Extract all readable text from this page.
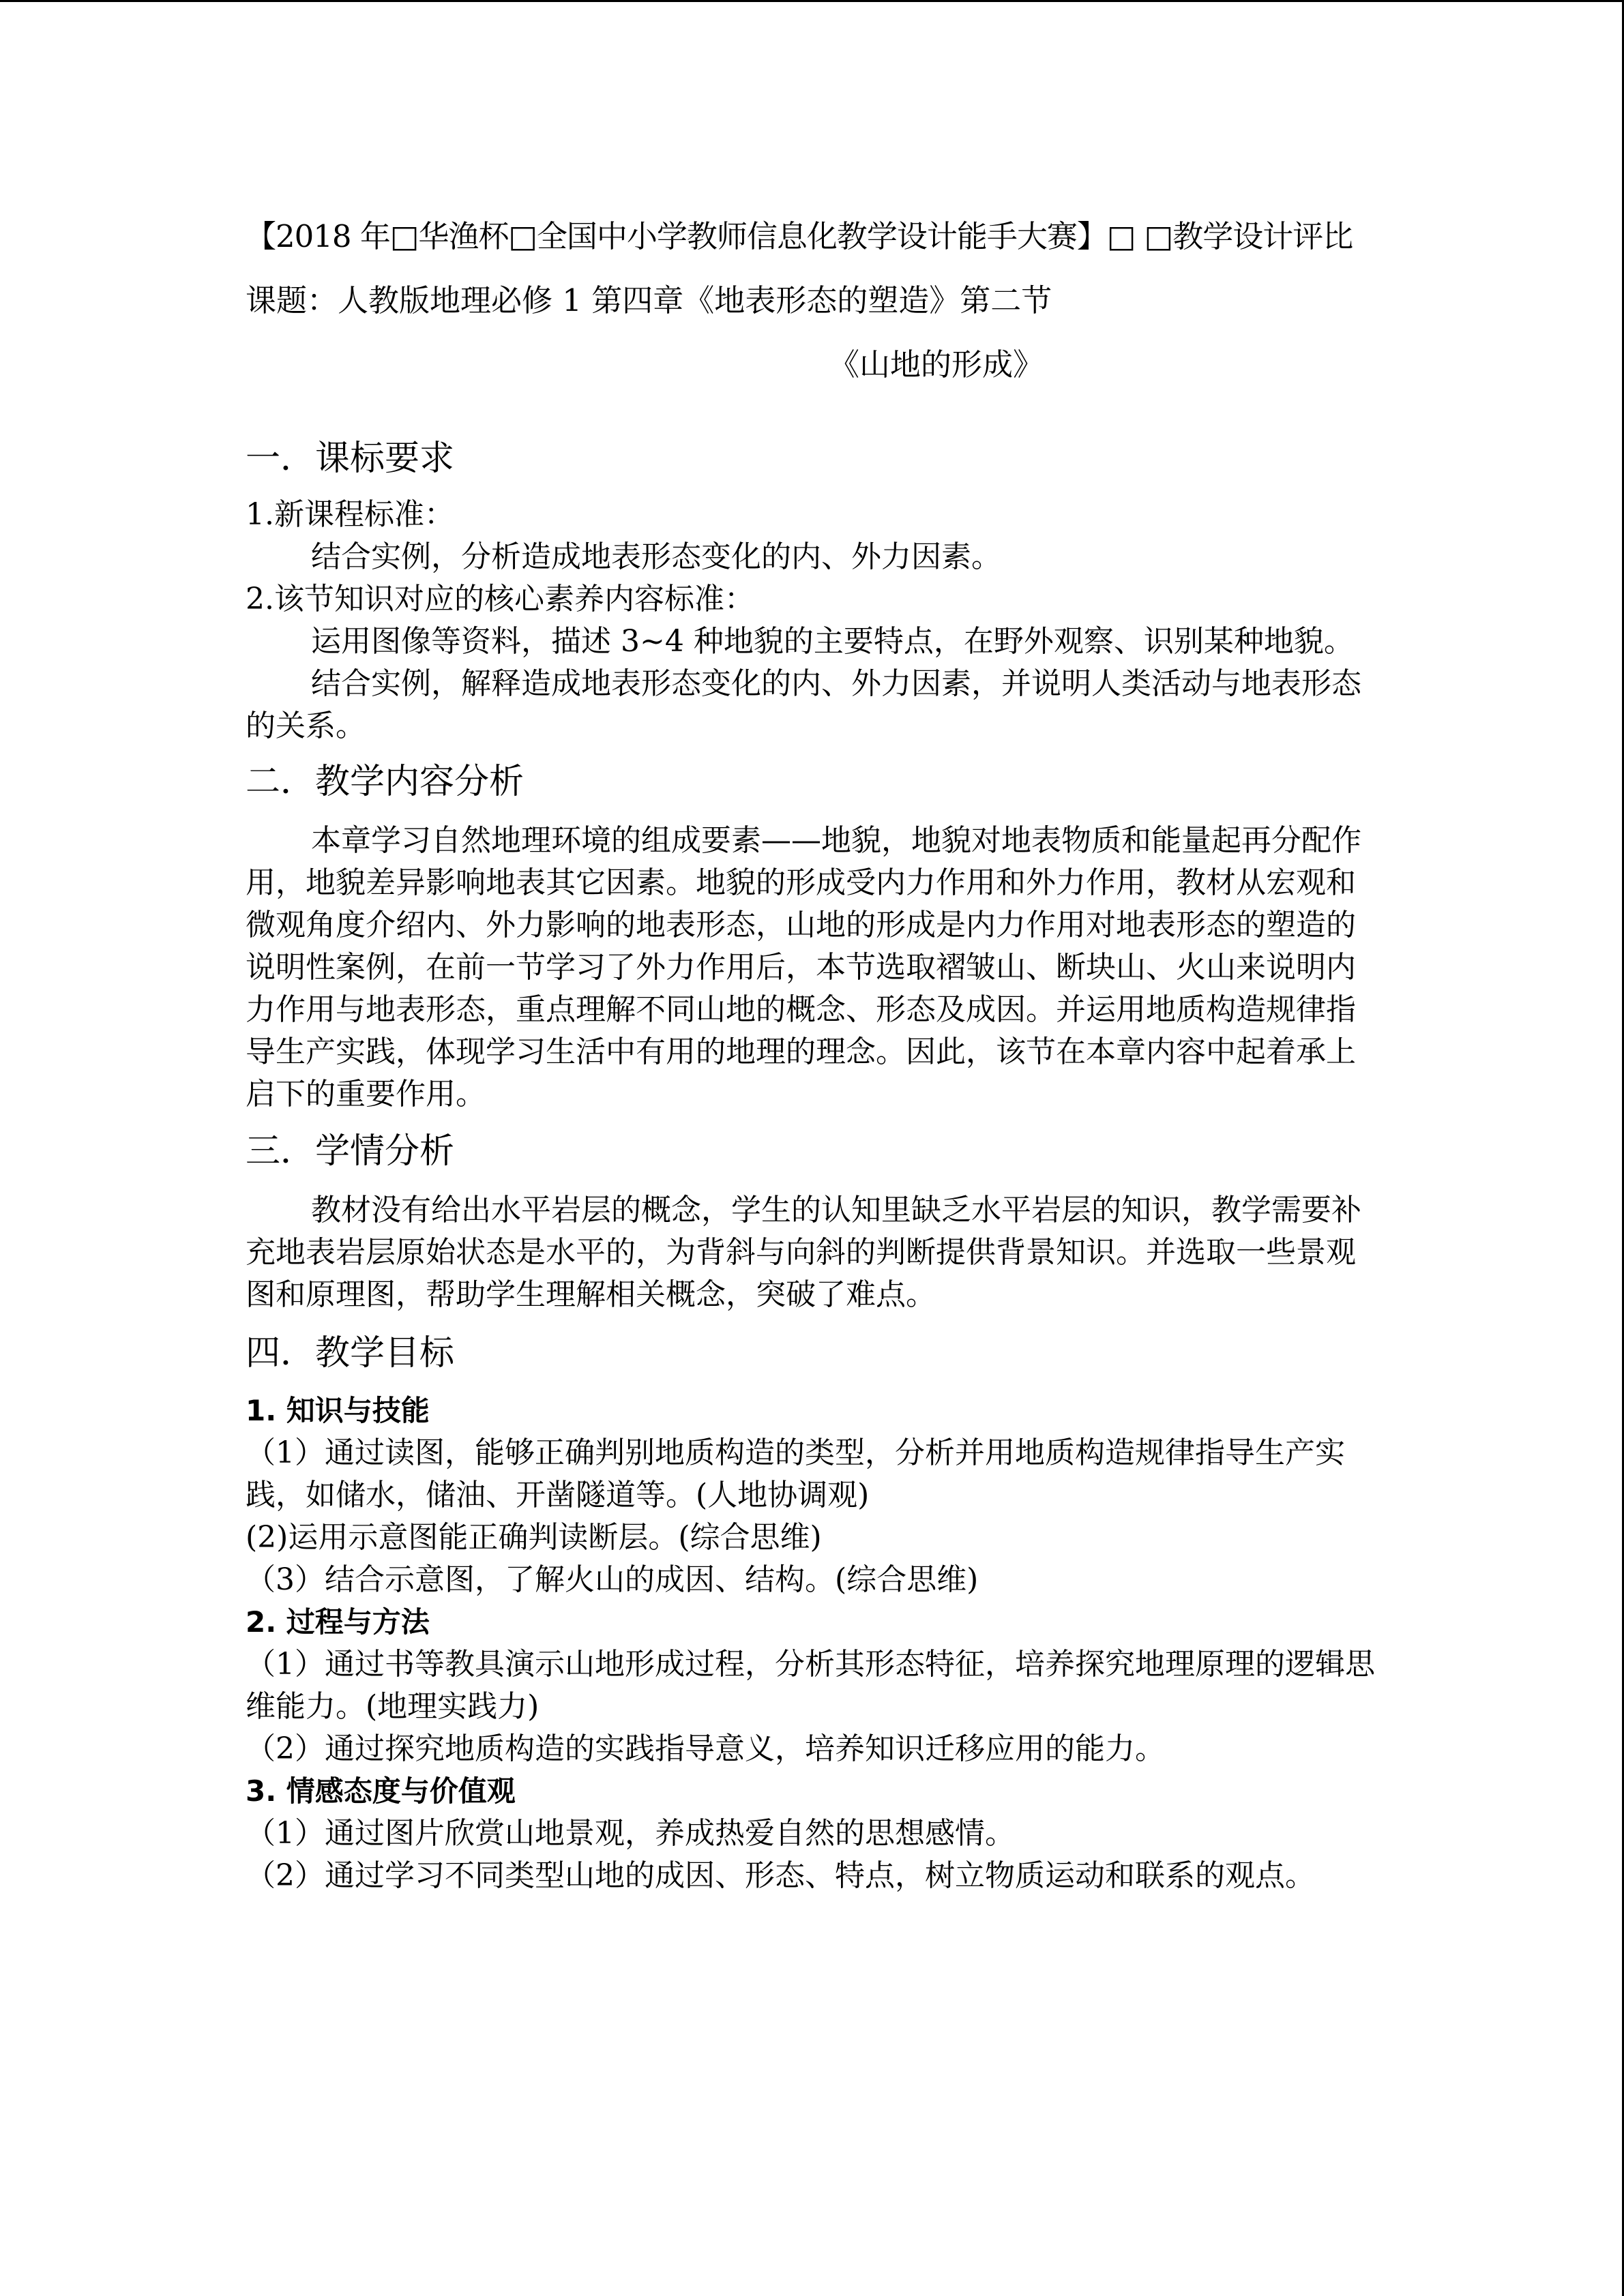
【2018 年□华渔杯□全国中小学教师信息化教学设计能手大赛】□ □教学设计评比
课题：人教版地理必修 1 第四章《地表形态的塑造》第二节
《山地的形成》
一．课标要求

1.新课程标准：

结合实例，分析造成地表形态变化的内、外力因素。

2.该节知识对应的核心素养内容标准：

运用图像等资料，描述 3~4 种地貌的主要特点，在野外观察、识别某种地貌。

结合实例，解释造成地表形态变化的内、外力因素，并说明人类活动与地表形态的关系。

二．教学内容分析

本章学习自然地理环境的组成要素——地貌，地貌对地表物质和能量起再分配作用，地貌差异影响地表其它因素。地貌的形成受内力作用和外力作用，教材从宏观和微观角度介绍内、外力影响的地表形态，山地的形成是内力作用对地表形态的塑造的说明性案例，在前一节学习了外力作用后，本节选取褶皱山、断块山、火山来说明内力作用与地表形态，重点理解不同山地的概念、形态及成因。并运用地质构造规律指导生产实践，体现学习生活中有用的地理的理念。因此，该节在本章内容中起着承上启下的重要作用。

三．学情分析

教材没有给出水平岩层的概念，学生的认知里缺乏水平岩层的知识，教学需要补充地表岩层原始状态是水平的，为背斜与向斜的判断提供背景知识。并选取一些景观图和原理图，帮助学生理解相关概念，突破了难点。

四．教学目标

1. 知识与技能

（1）通过读图，能够正确判别地质构造的类型，分析并用地质构造规律指导生产实践，如储水，储油、开凿隧道等。(人地协调观)

(2)运用示意图能正确判读断层。(综合思维)

（3）结合示意图，了解火山的成因、结构。(综合思维)

2. 过程与方法

（1）通过书等教具演示山地形成过程，分析其形态特征，培养探究地理原理的逻辑思维能力。(地理实践力)

（2）通过探究地质构造的实践指导意义，培养知识迁移应用的能力。

3. 情感态度与价值观

（1）通过图片欣赏山地景观，养成热爱自然的思想感情。

（2）通过学习不同类型山地的成因、形态、特点，树立物质运动和联系的观点。
